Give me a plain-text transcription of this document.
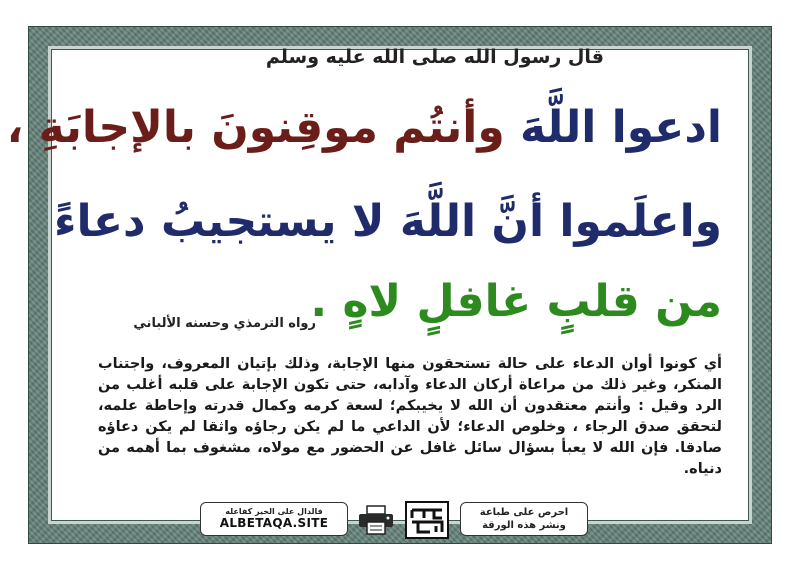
قال رسول الله صلى الله عليه وسلم
ادعوا اللَّهَ وأنتُم موقِنونَ بالإجابَةِ ،
واعلَموا أنَّ اللَّهَ لا يستجيبُ دعاءً
من قلبٍ غافلٍ لاهٍ .
رواه الترمذي وحسنه الألباني
أي كونوا أوان الدعاء على حالة تستحقون منها الإجابة، وذلك بإتيان المعروف، واجتناب المنكر، وغير ذلك من مراعاة أركان الدعاء وآدابه، حتى تكون الإجابة على قلبه أغلب من الرد وقيل : وأنتم معتقدون أن الله لا يخيبكم؛ لسعة كرمه وكمال قدرته وإحاطة علمه، لتحقق صدق الرجاء ، وخلوص الدعاء؛ لأن الداعي ما لم يكن رجاؤه واثقا لم يكن دعاؤه صادقا. فإن الله لا يعبأ بسؤال سائل غافل عن الحضور مع مولاه، مشغوف بما أهمه من دنياه.
فالدال على الخير كفاعله
ALBETAQA.SITE
احرص على طباعة
ونشر هذه الورقة
